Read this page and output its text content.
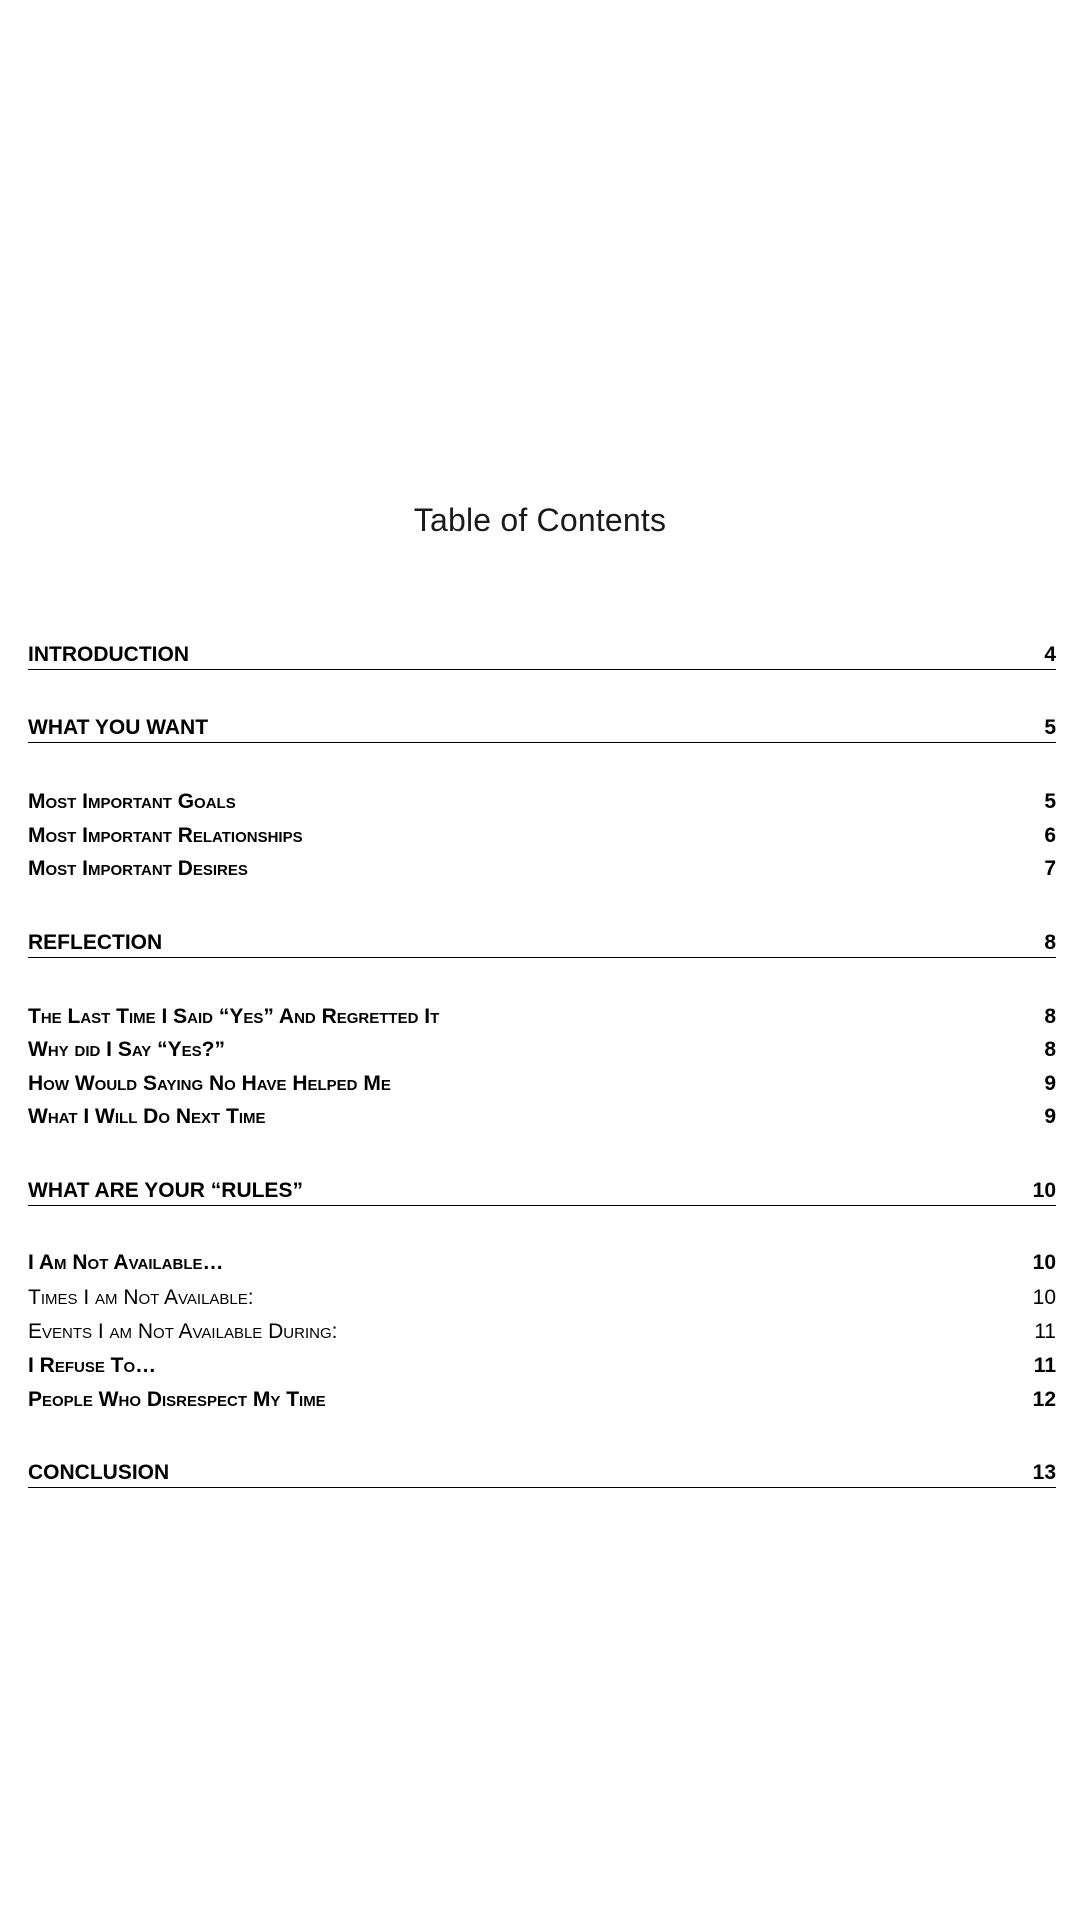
Table of Contents
INTRODUCTION	4
WHAT YOU WANT	5
Most Important Goals	5
Most Important Relationships	6
Most Important Desires	7
REFLECTION	8
The Last Time I Said “Yes” And Regretted It	8
Why did I Say “Yes?”	8
How Would Saying No Have Helped Me	9
What I Will Do Next Time	9
WHAT ARE YOUR “RULES”	10
I Am Not Available…	10
Times I am Not Available:	10
Events I am Not Available During:	11
I Refuse To…	11
People Who Disrespect My Time	12
CONCLUSION	13
